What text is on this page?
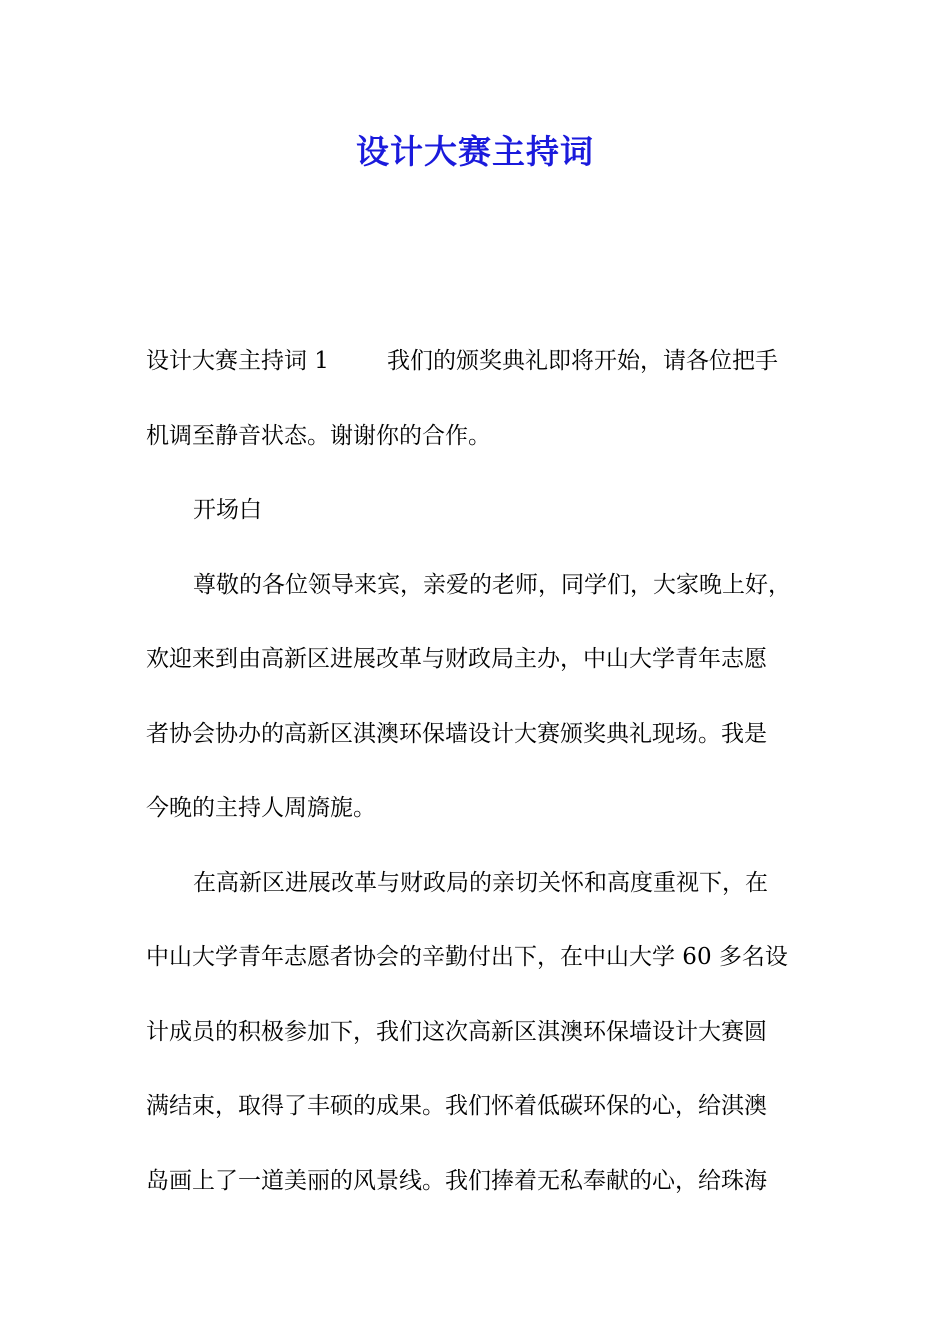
设计大赛主持词
设计大赛主持词 1	我们的颁奖典礼即将开始，请各位把手
机调至静音状态。谢谢你的合作。
开场白
尊敬的各位领导来宾，亲爱的老师，同学们，大家晚上好，
欢迎来到由高新区进展改革与财政局主办，中山大学青年志愿
者协会协办的高新区淇澳环保墙设计大赛颁奖典礼现场。我是
今晚的主持人周旖旎。
在高新区进展改革与财政局的亲切关怀和高度重视下，在
中山大学青年志愿者协会的辛勤付出下，在中山大学 60 多名设
计成员的积极参加下，我们这次高新区淇澳环保墙设计大赛圆
满结束，取得了丰硕的成果。我们怀着低碳环保的心，给淇澳
岛画上了一道美丽的风景线。我们捧着无私奉献的心，给珠海
